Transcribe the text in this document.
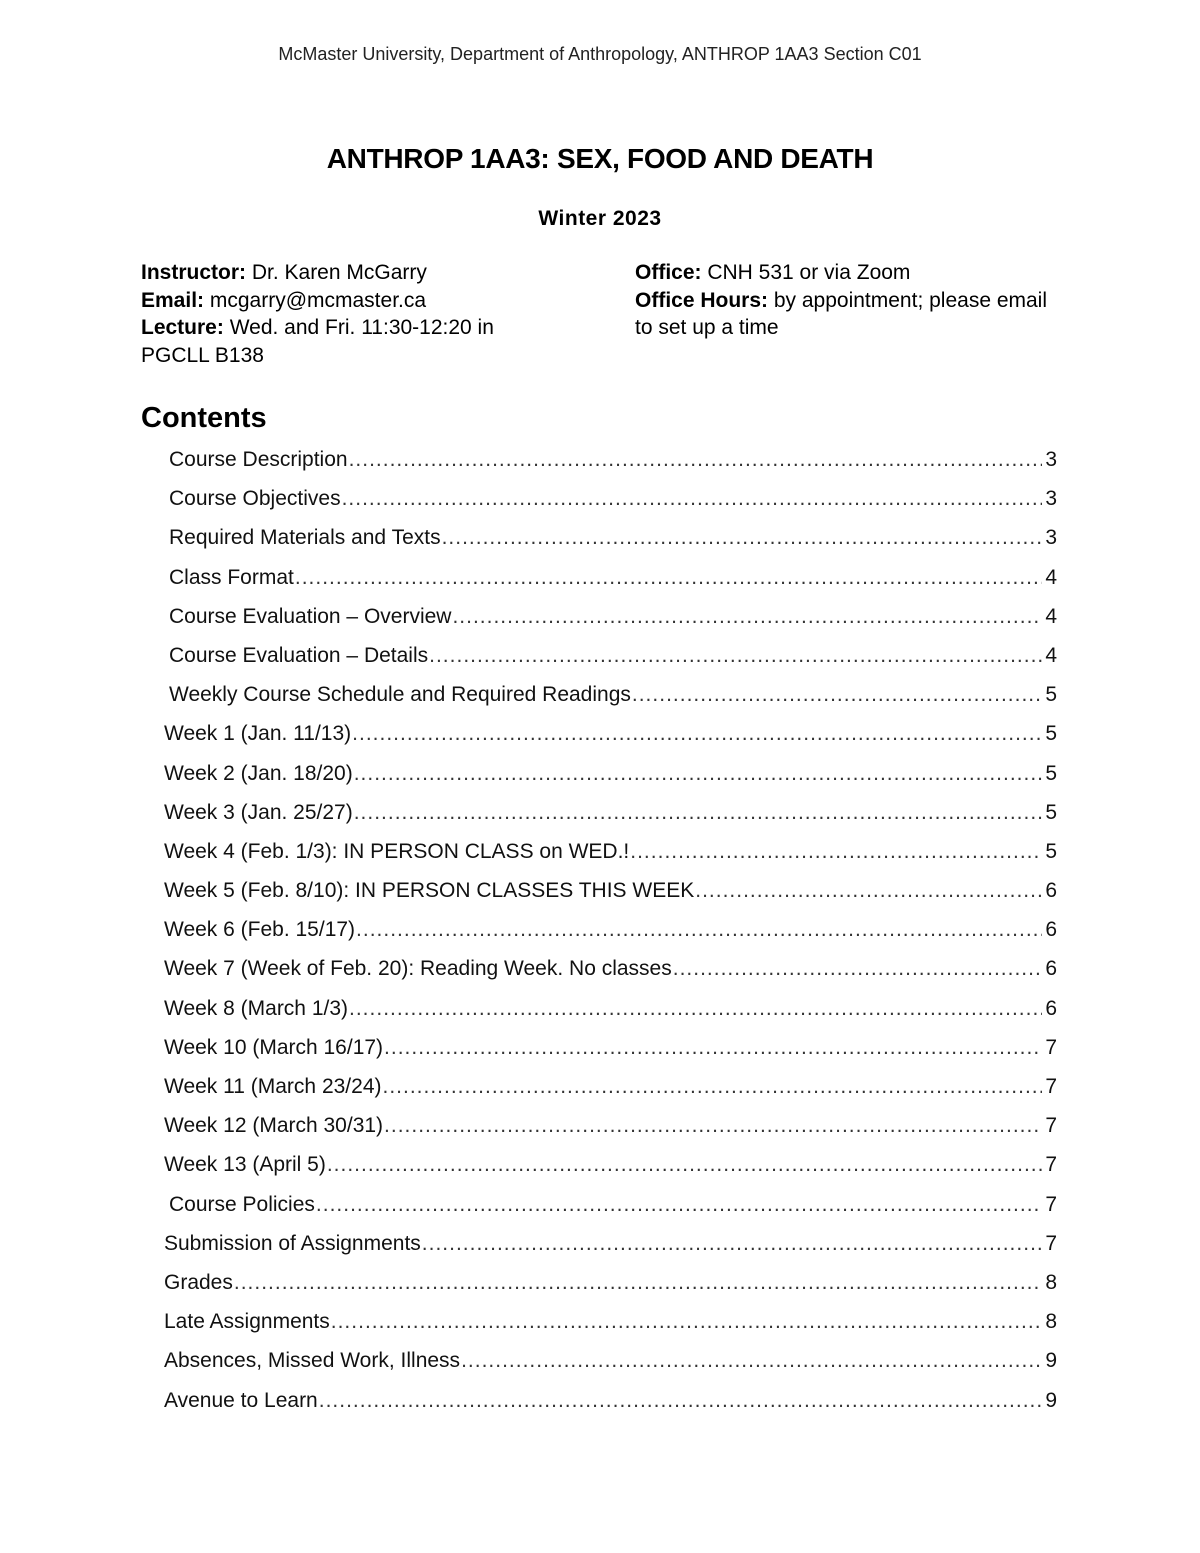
McMaster University, Department of Anthropology, ANTHROP 1AA3 Section C01
ANTHROP 1AA3: SEX, FOOD AND DEATH
Winter 2023
Instructor: Dr. Karen McGarry
Email: mcgarry@mcmaster.ca
Lecture: Wed. and Fri. 11:30-12:20 in PGCLL B138
Office: CNH 531 or via Zoom
Office Hours: by appointment; please email to set up a time
Contents
Course Description .....	3
Course Objectives .....	3
Required Materials and Texts .....	3
Class Format .....	4
Course Evaluation – Overview .....	4
Course Evaluation – Details .....	4
Weekly Course Schedule and Required Readings .....	5
Week 1 (Jan. 11/13) .....	5
Week 2 (Jan. 18/20) .....	5
Week 3 (Jan. 25/27) .....	5
Week 4 (Feb. 1/3): IN PERSON CLASS on WED.! .....	5
Week 5 (Feb. 8/10): IN PERSON CLASSES THIS WEEK .....	6
Week 6 (Feb. 15/17) .....	6
Week 7 (Week of Feb. 20): Reading Week. No classes .....	6
Week 8 (March 1/3) .....	6
Week 10 (March 16/17) .....	7
Week 11 (March 23/24) .....	7
Week 12 (March 30/31) .....	7
Week 13 (April 5) .....	7
Course Policies .....	7
Submission of Assignments .....	7
Grades .....	8
Late Assignments .....	8
Absences, Missed Work, Illness .....	9
Avenue to Learn .....	9
